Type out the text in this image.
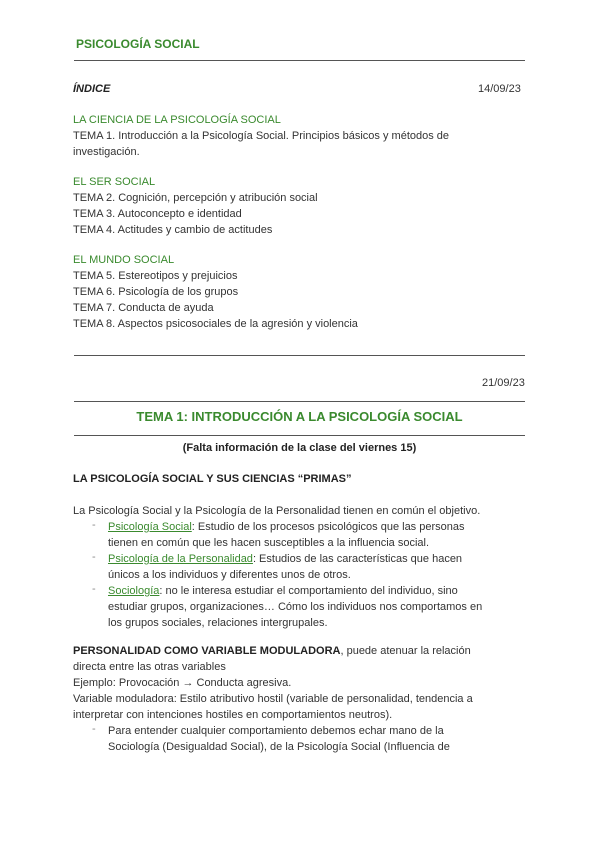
PSICOLOGÍA SOCIAL
ÍNDICE	14/09/23
LA CIENCIA DE LA PSICOLOGÍA SOCIAL
TEMA 1. Introducción a la Psicología Social. Principios básicos y métodos de
investigación.
EL SER SOCIAL
TEMA 2. Cognición, percepción y atribución social
TEMA 3. Autoconcepto e identidad
TEMA 4. Actitudes y cambio de actitudes
EL MUNDO SOCIAL
TEMA 5. Estereotipos y prejuicios
TEMA 6. Psicología de los grupos
TEMA 7. Conducta de ayuda
TEMA 8. Aspectos psicosociales de la agresión y violencia
21/09/23
TEMA 1: INTRODUCCIÓN A LA PSICOLOGÍA SOCIAL
(Falta información de la clase del viernes 15)
LA PSICOLOGÍA SOCIAL Y SUS CIENCIAS “PRIMAS”
La Psicología Social y la Psicología de la Personalidad tienen en común el objetivo.
- Psicología Social: Estudio de los procesos psicológicos que las personas
tienen en común que les hacen susceptibles a la influencia social.
- Psicología de la Personalidad: Estudios de las características que hacen
únicos a los individuos y diferentes unos de otros.
- Sociología: no le interesa estudiar el comportamiento del individuo, sino
estudiar grupos, organizaciones… Cómo los individuos nos comportamos en
los grupos sociales, relaciones intergrupales.
PERSONALIDAD COMO VARIABLE MODULADORA, puede atenuar la relación
directa entre las otras variables
Ejemplo: Provocación → Conducta agresiva.
Variable moduladora: Estilo atributivo hostil (variable de personalidad, tendencia a
interpretar con intenciones hostiles en comportamientos neutros).
- Para entender cualquier comportamiento debemos echar mano de la
Sociología (Desigualdad Social), de la Psicología Social (Influencia de
